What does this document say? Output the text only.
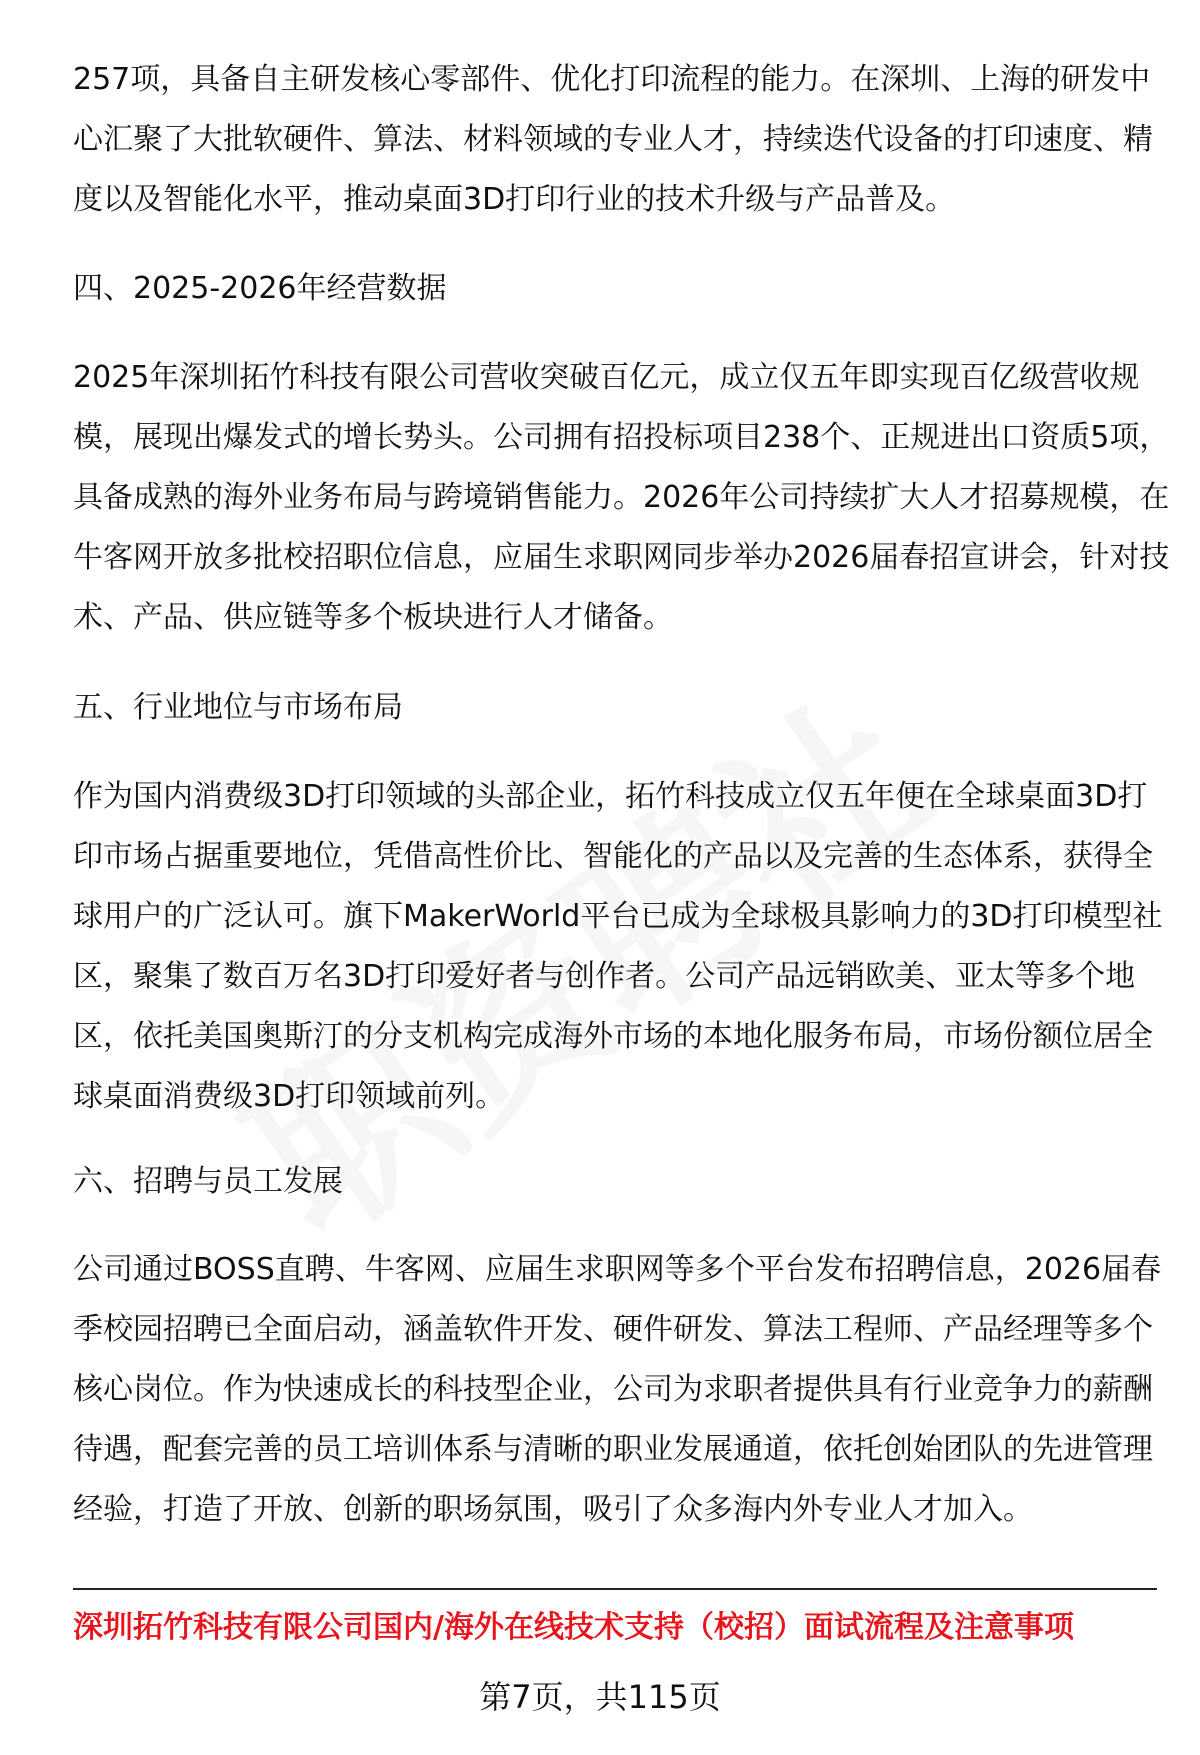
257项，具备自主研发核心零部件、优化打印流程的能力。在深圳、上海的研发中
心汇聚了大批软硬件、算法、材料领域的专业人才，持续迭代设备的打印速度、精
度以及智能化水平，推动桌面3D打印行业的技术升级与产品普及。
四、2025-2026年经营数据
2025年深圳拓竹科技有限公司营收突破百亿元，成立仅五年即实现百亿级营收规
模，展现出爆发式的增长势头。公司拥有招投标项目238个、正规进出口资质5项，
具备成熟的海外业务布局与跨境销售能力。2026年公司持续扩大人才招募规模，在
牛客网开放多批校招职位信息，应届生求职网同步举办2026届春招宣讲会，针对技
术、产品、供应链等多个板块进行人才储备。
五、行业地位与市场布局
作为国内消费级3D打印领域的头部企业，拓竹科技成立仅五年便在全球桌面3D打
印市场占据重要地位，凭借高性价比、智能化的产品以及完善的生态体系，获得全
球用户的广泛认可。旗下MakerWorld平台已成为全球极具影响力的3D打印模型社
区，聚集了数百万名3D打印爱好者与创作者。公司产品远销欧美、亚太等多个地
区，依托美国奥斯汀的分支机构完成海外市场的本地化服务布局，市场份额位居全
球桌面消费级3D打印领域前列。
六、招聘与员工发展
公司通过BOSS直聘、牛客网、应届生求职网等多个平台发布招聘信息，2026届春
季校园招聘已全面启动，涵盖软件开发、硬件研发、算法工程师、产品经理等多个
核心岗位。作为快速成长的科技型企业，公司为求职者提供具有行业竞争力的薪酬
待遇，配套完善的员工培训体系与清晰的职业发展通道，依托创始团队的先进管理
经验，打造了开放、创新的职场氛围，吸引了众多海内外专业人才加入。
深圳拓竹科技有限公司国内/海外在线技术支持（校招）面试流程及注意事项
第7页，共115页
